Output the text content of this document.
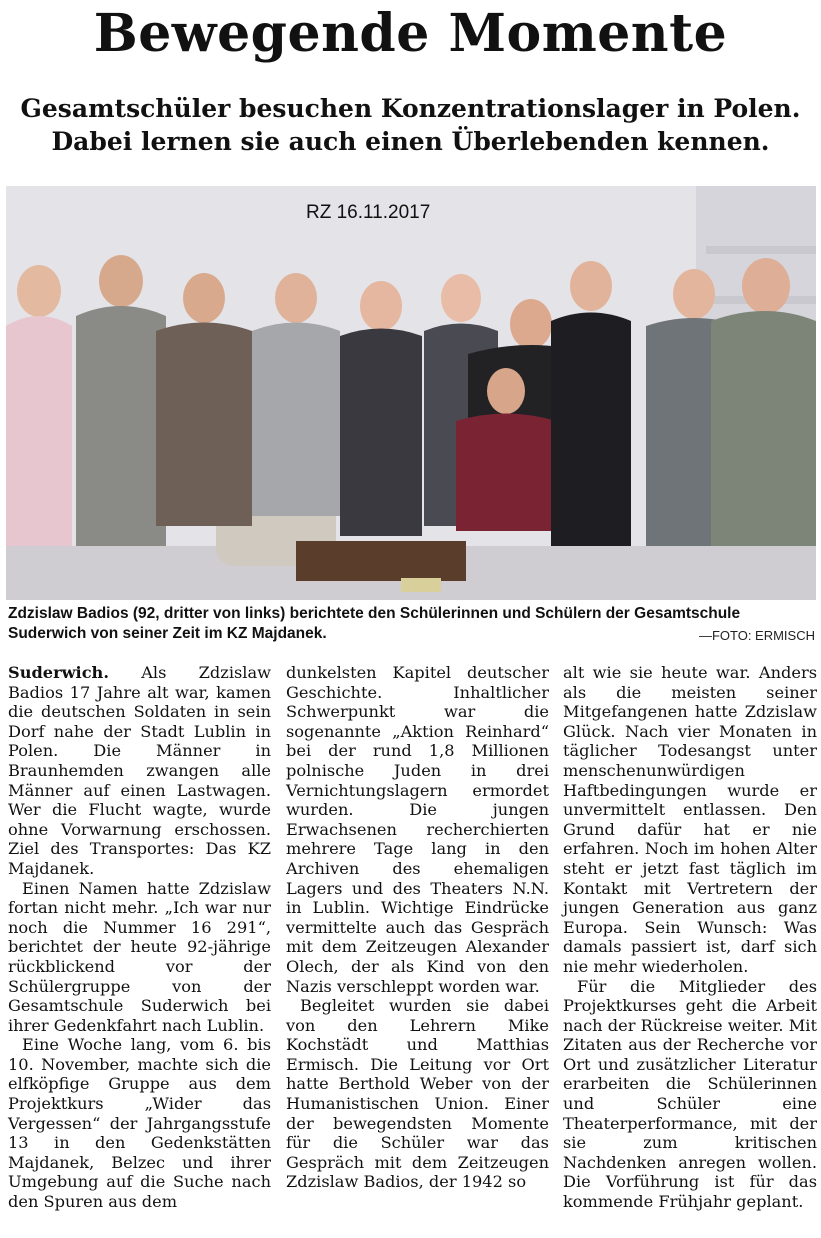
Bewegende Momente
Gesamtschüler besuchen Konzentrationslager in Polen.
Dabei lernen sie auch einen Überlebenden kennen.
RZ 16.11.2017

Zdzislaw Badios (92, dritter von links) berichtete den Schülerinnen und Schülern der Gesamtschule Suderwich von seiner Zeit im KZ Majdanek.	—FOTO: ERMISCH

Suderwich. Als Zdzislaw Badios 17 Jahre alt war, kamen die deutschen Soldaten in sein Dorf nahe der Stadt Lublin in Polen. Die Männer in Braunhemden zwangen alle Männer auf einen Lastwagen. Wer die Flucht wagte, wurde ohne Vorwarnung erschossen. Ziel des Transportes: Das KZ Majdanek.

Einen Namen hatte Zdzislaw fortan nicht mehr. „Ich war nur noch die Nummer 16 291“, berichtet der heute 92-jährige rückblickend vor der Schülergruppe von der Gesamtschule Suderwich bei ihrer Gedenkfahrt nach Lublin.

Eine Woche lang, vom 6. bis 10. November, machte sich die elfköpfige Gruppe aus dem Projektkurs „Wider das Vergessen“ der Jahrgangsstufe 13 in den Gedenkstätten Majdanek, Belzec und ihrer Umgebung auf die Suche nach den Spuren aus dem

dunkelsten Kapitel deutscher Geschichte. Inhaltlicher Schwerpunkt war die sogenannte „Aktion Reinhard“ bei der rund 1,8 Millionen polnische Juden in drei Vernichtungslagern ermordet wurden. Die jungen Erwachsenen recherchierten mehrere Tage lang in den Archiven des ehemaligen Lagers und des Theaters N.N. in Lublin. Wichtige Eindrücke vermittelte auch das Gespräch mit dem Zeitzeugen Alexander Olech, der als Kind von den Nazis verschleppt worden war.

Begleitet wurden sie dabei von den Lehrern Mike Kochstädt und Matthias Ermisch. Die Leitung vor Ort hatte Berthold Weber von der Humanistischen Union. Einer der bewegendsten Momente für die Schüler war das Gespräch mit dem Zeitzeugen Zdzislaw Badios, der 1942 so

alt wie sie heute war. Anders als die meisten seiner Mitgefangenen hatte Zdzislaw Glück. Nach vier Monaten in täglicher Todesangst unter menschenunwürdigen Haftbedingungen wurde er unvermittelt entlassen. Den Grund dafür hat er nie erfahren. Noch im hohen Alter steht er jetzt fast täglich im Kontakt mit Vertretern der jungen Generation aus ganz Europa. Sein Wunsch: Was damals passiert ist, darf sich nie mehr wiederholen.

Für die Mitglieder des Projektkurses geht die Arbeit nach der Rückreise weiter. Mit Zitaten aus der Recherche vor Ort und zusätzlicher Literatur erarbeiten die Schülerinnen und Schüler eine Theaterperformance, mit der sie zum kritischen Nachdenken anregen wollen. Die Vorführung ist für das kommende Frühjahr geplant.
